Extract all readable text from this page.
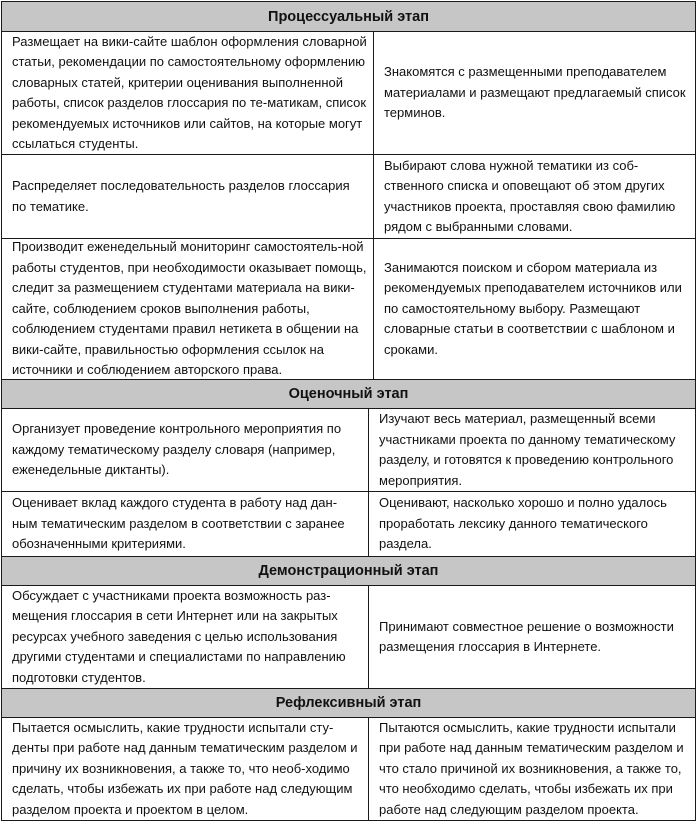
Процессуальный этап
Размещает на вики-сайте шаблон оформления словарной статьи, рекомендации по самостоятельному оформлению словарных статей, критерии оценивания выполненной работы, список разделов глоссария по те-матикам, список рекомендуемых источников или сайтов, на которые могут ссылаться студенты.
Знакомятся с размещенными преподавателем материалами и размещают предлагаемый список терминов.
Распределяет последовательность разделов глоссария по тематике.
Выбирают слова нужной тематики из соб-ственного списка и оповещают об этом других участников проекта, проставляя свою фамилию рядом с выбранными словами.
Производит еженедельный мониторинг самостоятель-ной работы студентов, при необходимости оказывает помощь, следит за размещением студентами материала на вики-сайте, соблюдением сроков выполнения работы, соблюдением студентами правил нетикета в общении на вики-сайте, правильностью оформления ссылок на источники и соблюдением авторского права.
Занимаются поиском и сбором материала из рекомендуемых преподавателем источников или по самостоятельному выбору. Размещают словарные статьи в соответствии с шаблоном и сроками.
Оценочный этап
Организует проведение контрольного мероприятия по каждому тематическому разделу словаря (например, еженедельные диктанты).
Изучают весь материал, размещенный всеми участниками проекта по данному тематическому разделу, и готовятся к проведению контрольного мероприятия.
Оценивает вклад каждого студента в работу над дан-ным тематическим разделом в соответствии с заранее обозначенными критериями.
Оценивают, насколько хорошо и полно удалось проработать лексику данного тематического раздела.
Демонстрационный этап
Обсуждает с участниками проекта возможность раз-мещения глоссария в сети Интернет или на закрытых ресурсах учебного заведения с целью использования другими студентами и специалистами по направлению подготовки студентов.
Принимают совместное решение о возможности размещения глоссария в Интернете.
Рефлексивный этап
Пытается осмыслить, какие трудности испытали сту-денты при работе над данным тематическим разделом и причину их возникновения, а также то, что необ-ходимо сделать, чтобы избежать их при работе над следующим разделом проекта и проектом в целом.
Пытаются осмыслить, какие трудности испытали при работе над данным тематическим разделом и что стало причиной их возникновения, а также то, что необходимо сделать, чтобы избежать их при работе над следующим разделом проекта.
